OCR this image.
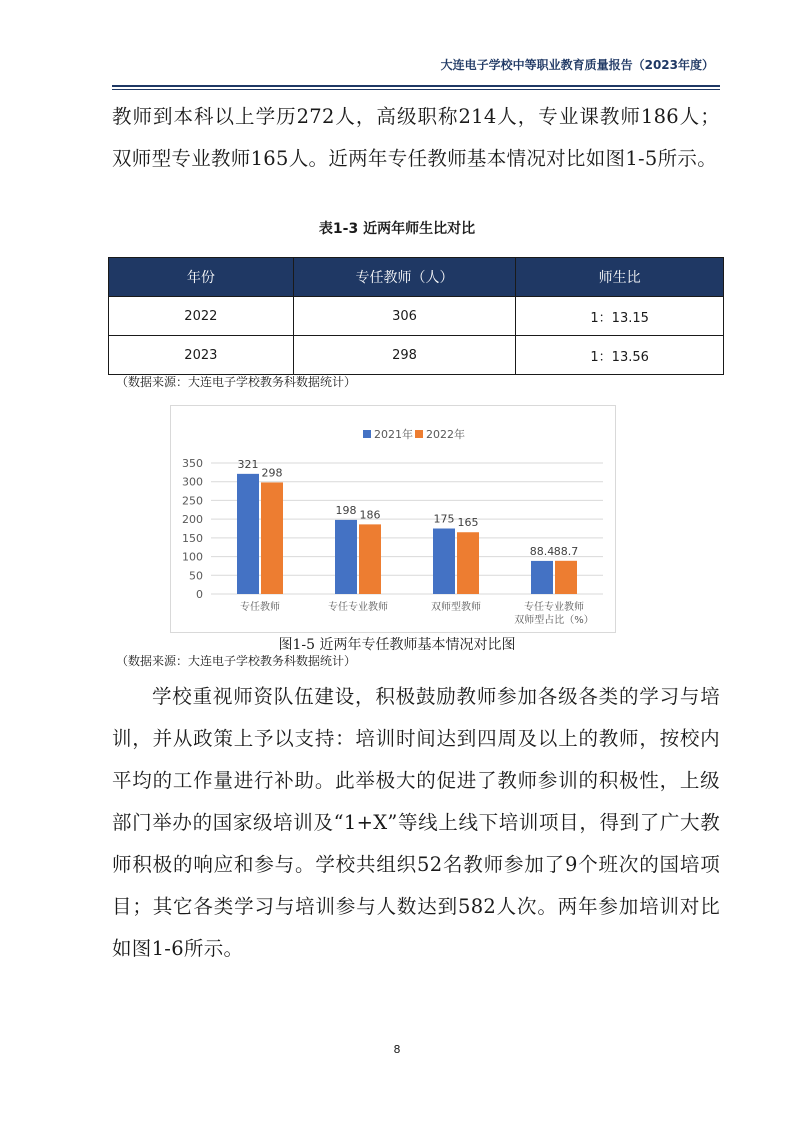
大连电子学校中等职业教育质量报告（2023年度）

教师到本科以上学历272人，高级职称214人，专业课教师186人；双师型专业教师165人。近两年专任教师基本情况对比如图1-5所示。

表1-3 近两年师生比对比
年份	专任教师（人）	师生比
2022	306	1：13.15
2023	298	1：13.56
（数据来源：大连电子学校教务科数据统计）
0
50
100
150
200
250
300
350	321
198
175
88.4
298
186
165
88.7
专任教师	专任专业教师	双师型教师	专任专业教师
双师型占比（%）
2021年 2022年
图1-5 近两年专任教师基本情况对比图
（数据来源：大连电子学校教务科数据统计）

学校重视师资队伍建设，积极鼓励教师参加各级各类的学习与培训，并从政策上予以支持：培训时间达到四周及以上的教师，按校内平均的工作量进行补助。此举极大的促进了教师参训的积极性，上级部门举办的国家级培训及“1+X”等线上线下培训项目，得到了广大教师积极的响应和参与。学校共组织52名教师参加了9个班次的国培项目；其它各类学习与培训参与人数达到582人次。两年参加培训对比如图1-6所示。

8
